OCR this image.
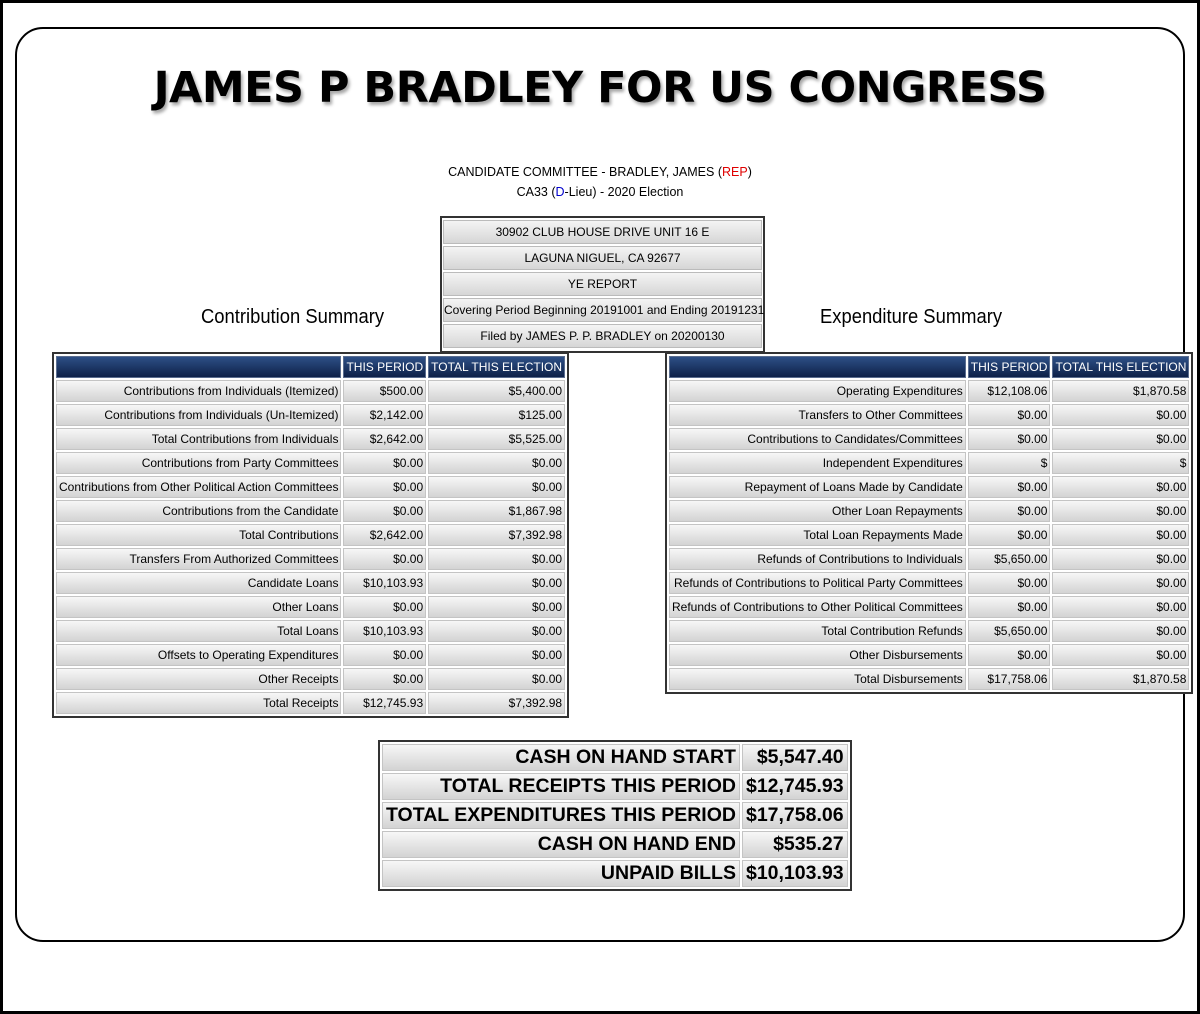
JAMES P BRADLEY FOR US CONGRESS
CANDIDATE COMMITTEE - BRADLEY, JAMES (REP)
CA33 (D-Lieu) - 2020 Election
30902 CLUB HOUSE DRIVE UNIT 16 E
LAGUNA NIGUEL, CA 92677
YE REPORT
Covering Period Beginning 20191001 and Ending 20191231
Filed by JAMES P. P. BRADLEY on 20200130
Contribution Summary	Expenditure Summary
	THIS PERIOD	TOTAL THIS ELECTION
Contributions from Individuals (Itemized)	$500.00	$5,400.00
Contributions from Individuals (Un-Itemized)	$2,142.00	$125.00
Total Contributions from Individuals	$2,642.00	$5,525.00
Contributions from Party Committees	$0.00	$0.00
Contributions from Other Political Action Committees	$0.00	$0.00
Contributions from the Candidate	$0.00	$1,867.98
Total Contributions	$2,642.00	$7,392.98
Transfers From Authorized Committees	$0.00	$0.00
Candidate Loans	$10,103.93	$0.00
Other Loans	$0.00	$0.00
Total Loans	$10,103.93	$0.00
Offsets to Operating Expenditures	$0.00	$0.00
Other Receipts	$0.00	$0.00
Total Receipts	$12,745.93	$7,392.98
	THIS PERIOD	TOTAL THIS ELECTION
Operating Expenditures	$12,108.06	$1,870.58
Transfers to Other Committees	$0.00	$0.00
Contributions to Candidates/Committees	$0.00	$0.00
Independent Expenditures	$	$
Repayment of Loans Made by Candidate	$0.00	$0.00
Other Loan Repayments	$0.00	$0.00
Total Loan Repayments Made	$0.00	$0.00
Refunds of Contributions to Individuals	$5,650.00	$0.00
Refunds of Contributions to Political Party Committees	$0.00	$0.00
Refunds of Contributions to Other Political Committees	$0.00	$0.00
Total Contribution Refunds	$5,650.00	$0.00
Other Disbursements	$0.00	$0.00
Total Disbursements	$17,758.06	$1,870.58
CASH ON HAND START	$5,547.40
TOTAL RECEIPTS THIS PERIOD	$12,745.93
TOTAL EXPENDITURES THIS PERIOD	$17,758.06
CASH ON HAND END	$535.27
UNPAID BILLS	$10,103.93
